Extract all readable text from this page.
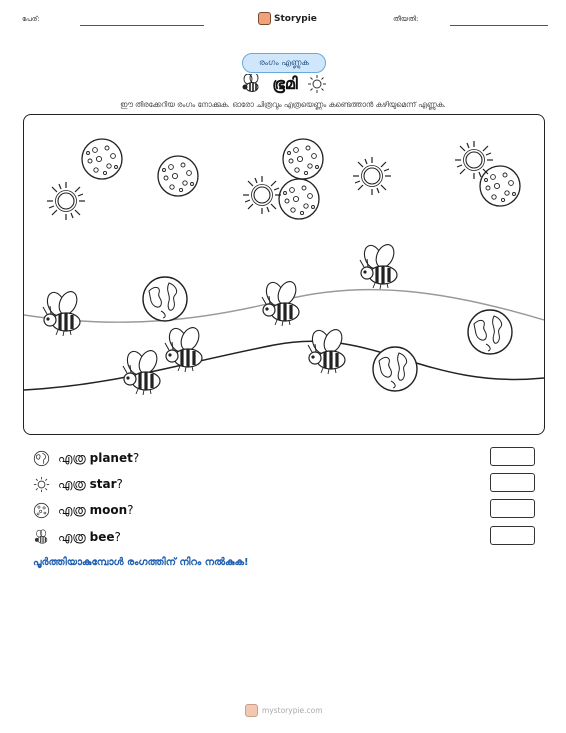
പേര്:	Storypie	തീയതി:
രംഗം എണ്ണുക
ഭൂമി
ഈ തിരക്കേറിയ രംഗം നോക്കുക. ഓരോ ചിത്രവും എത്രയെണ്ണം കണ്ടെത്താൻ കഴിയുമെന്ന് എണ്ണുക.
എത്ര planet?
എത്ര star?
എത്ര moon?
എത്ര bee?
പൂർത്തിയാകുമ്പോൾ രംഗത്തിന് നിറം നൽകുക!
mystorypie.com
